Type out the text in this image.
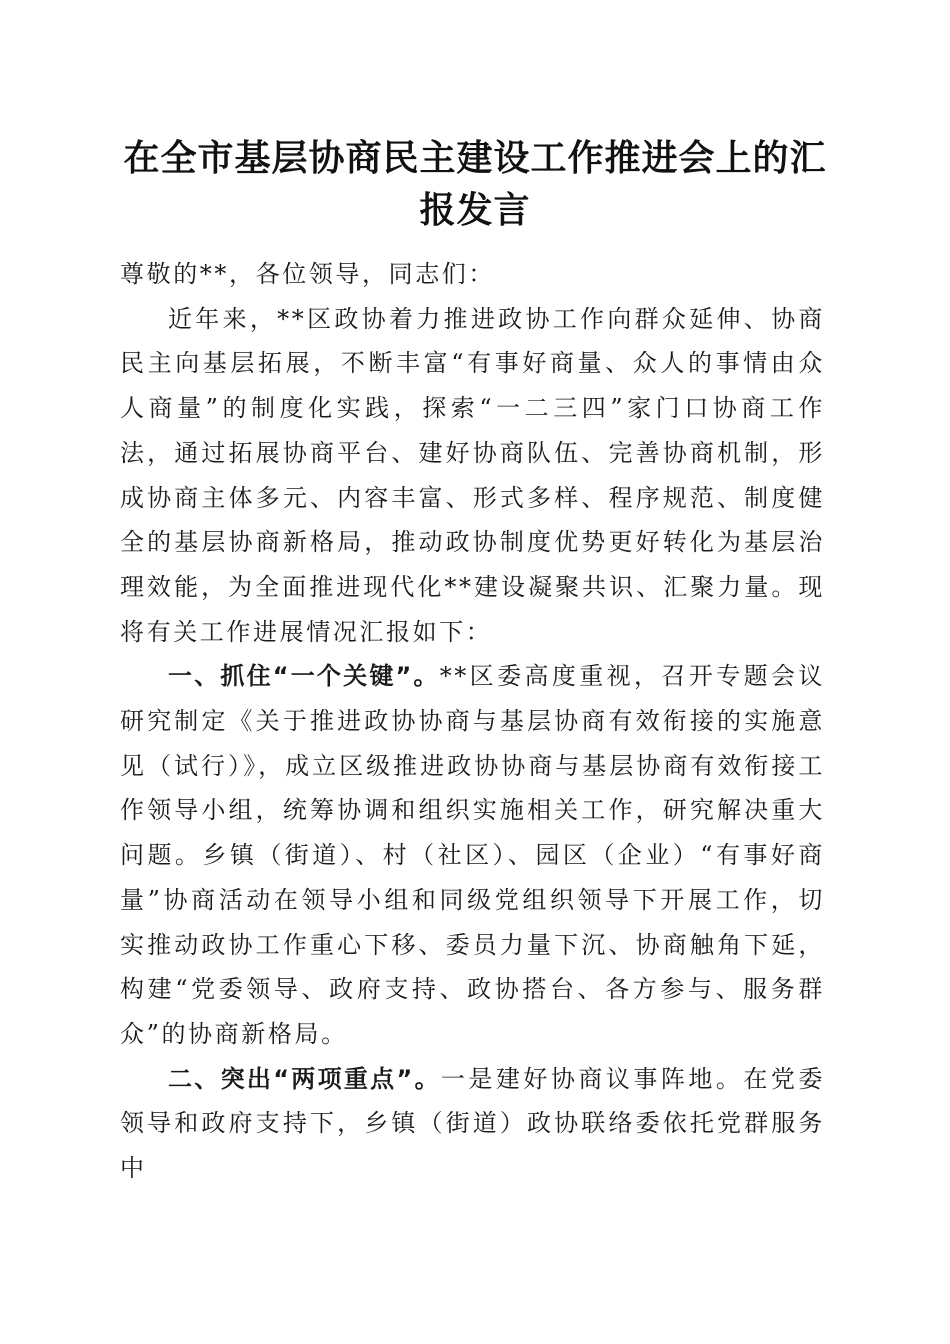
在全市基层协商民主建设工作推进会上的汇报发言

尊敬的**，各位领导，同志们：

近年来，**区政协着力推进政协工作向群众延伸、协商民主向基层拓展，不断丰富“有事好商量、众人的事情由众人商量”的制度化实践，探索“一二三四”家门口协商工作法，通过拓展协商平台、建好协商队伍、完善协商机制，形成协商主体多元、内容丰富、形式多样、程序规范、制度健全的基层协商新格局，推动政协制度优势更好转化为基层治理效能，为全面推进现代化**建设凝聚共识、汇聚力量。现将有关工作进展情况汇报如下：

一、抓住“一个关键”。**区委高度重视，召开专题会议研究制定《关于推进政协协商与基层协商有效衔接的实施意见（试行）》，成立区级推进政协协商与基层协商有效衔接工作领导小组，统筹协调和组织实施相关工作，研究解决重大问题。乡镇（街道）、村（社区）、园区（企业）“有事好商量”协商活动在领导小组和同级党组织领导下开展工作，切实推动政协工作重心下移、委员力量下沉、协商触角下延，构建“党委领导、政府支持、政协搭台、各方参与、服务群众”的协商新格局。

二、突出“两项重点”。一是建好协商议事阵地。在党委领导和政府支持下，乡镇（街道）政协联络委依托党群服务中
